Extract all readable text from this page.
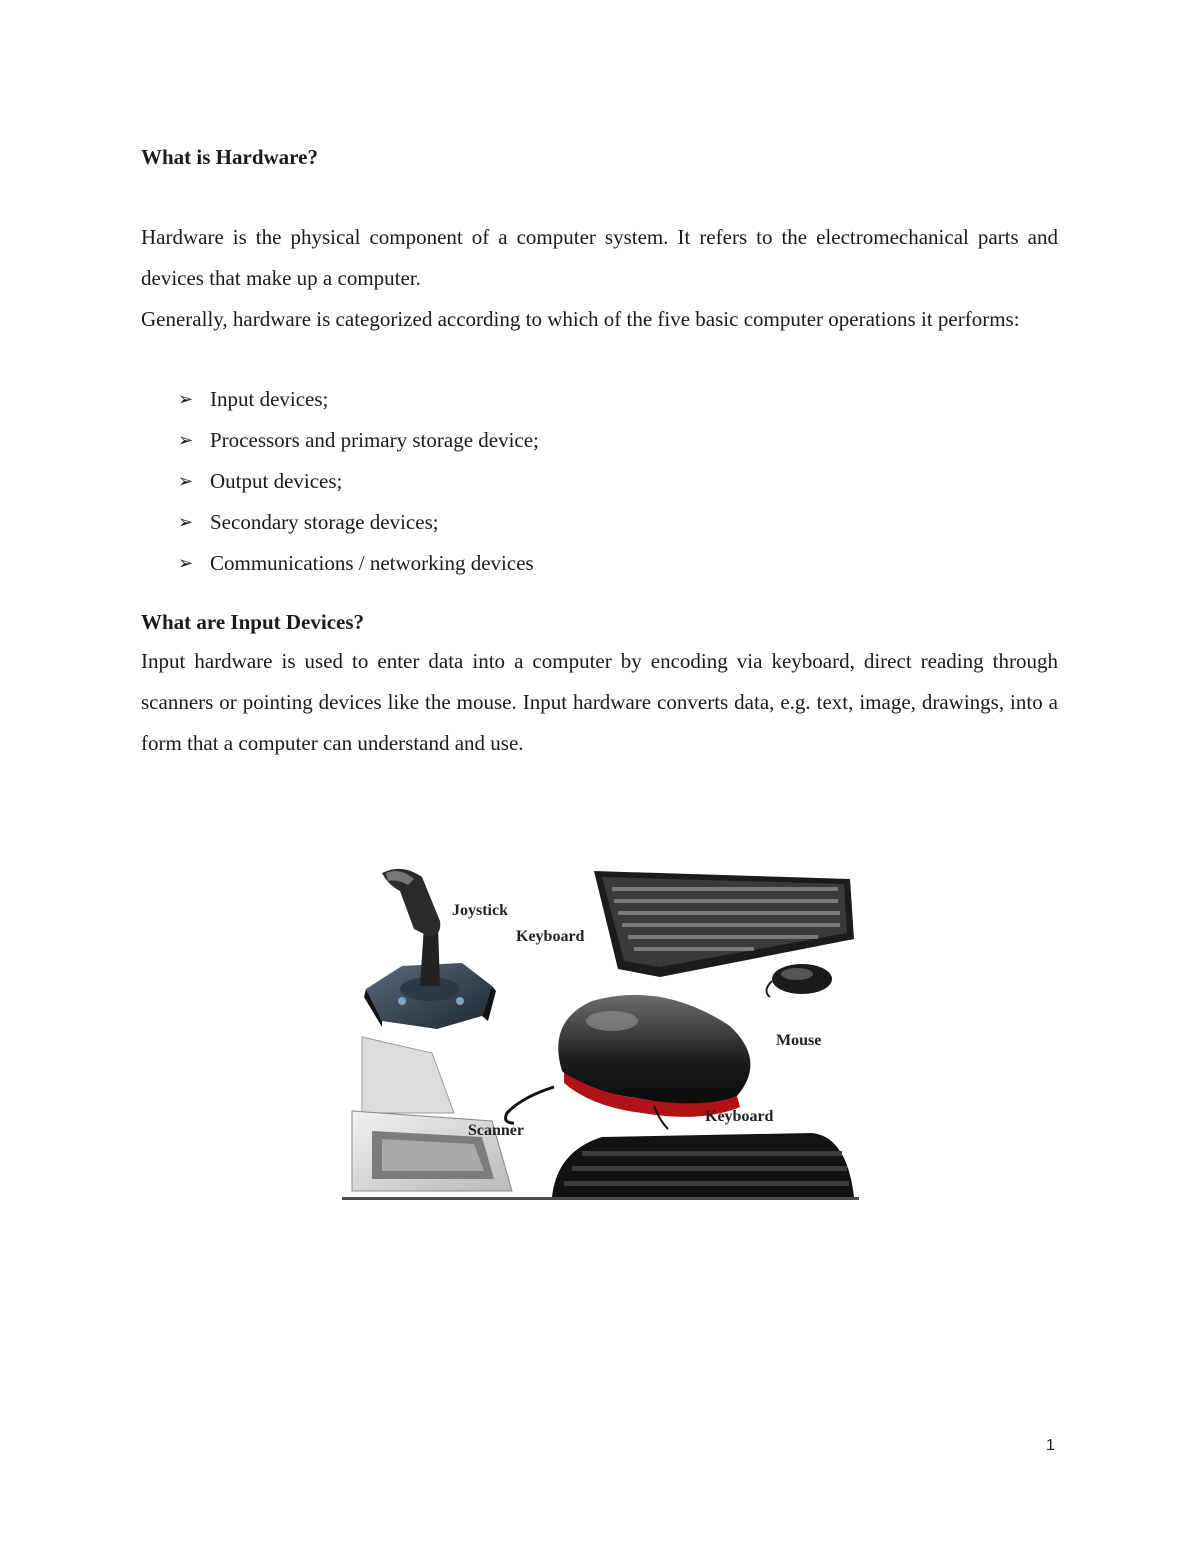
What is Hardware?

Hardware is the physical component of a computer system. It refers to the electromechanical parts and devices that make up a computer.

Generally, hardware is categorized according to which of the five basic computer operations it performs:

➢ Input devices;
➢ Processors and primary storage device;
➢ Output devices;
➢ Secondary storage devices;
➢ Communications / networking devices
What are Input Devices?

Input hardware is used to enter data into a computer by encoding via keyboard, direct reading through scanners or pointing devices like the mouse. Input hardware converts data, e.g. text, image, drawings, into a form that a computer can understand and use.

Joystick
Keyboard
Mouse
Scanner
Keyboard
1
